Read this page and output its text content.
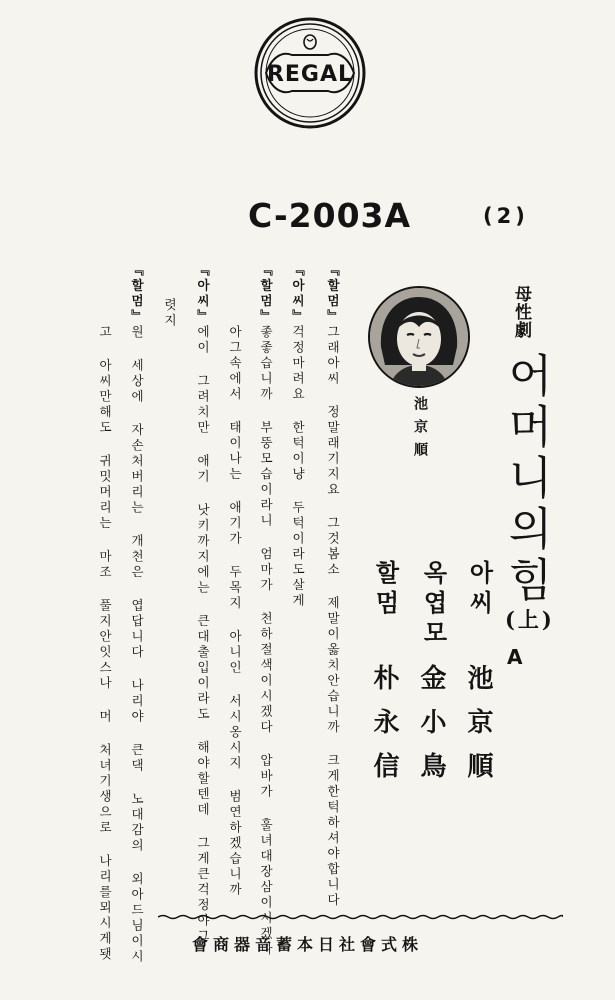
REGAL
C-2003A	(2)
『할멈』그래아씨 정말래기지요 그것봄소 제말이옳치안습니까 크게한턱하셔야합니다
『아씨』걱정마려요 한턱이냥 두턱이라도살게
『할멈』좋좋습니까 부뚱모습이라니 엄마가 천하절색이시겠다 압바가 훌녀대장삼이시겠다
아그속에서 태이나는 애기가 두목지 아니인 서시옹시지 범연하겠습니까
『아씨』에이 그려치만 애기 낫키까지에는 큰대출입이라도 해야할텐데 그게큰걱정야그
렷지
『할멈』원 세상에 자손처버리는 개천은 엽답니다 나리야 큰댁 노대감의 외아드님이시
고 아씨만해도 귀밋머리는 마조 풀지안잇스나 머 처녀기생으로 나리를뫼시게됏	池京順
母性劇
어머니의힘
(上)
A
아씨
옥엽모
할멈
池京順
金小鳥
朴永信
會商器音蓄本日社會式株
